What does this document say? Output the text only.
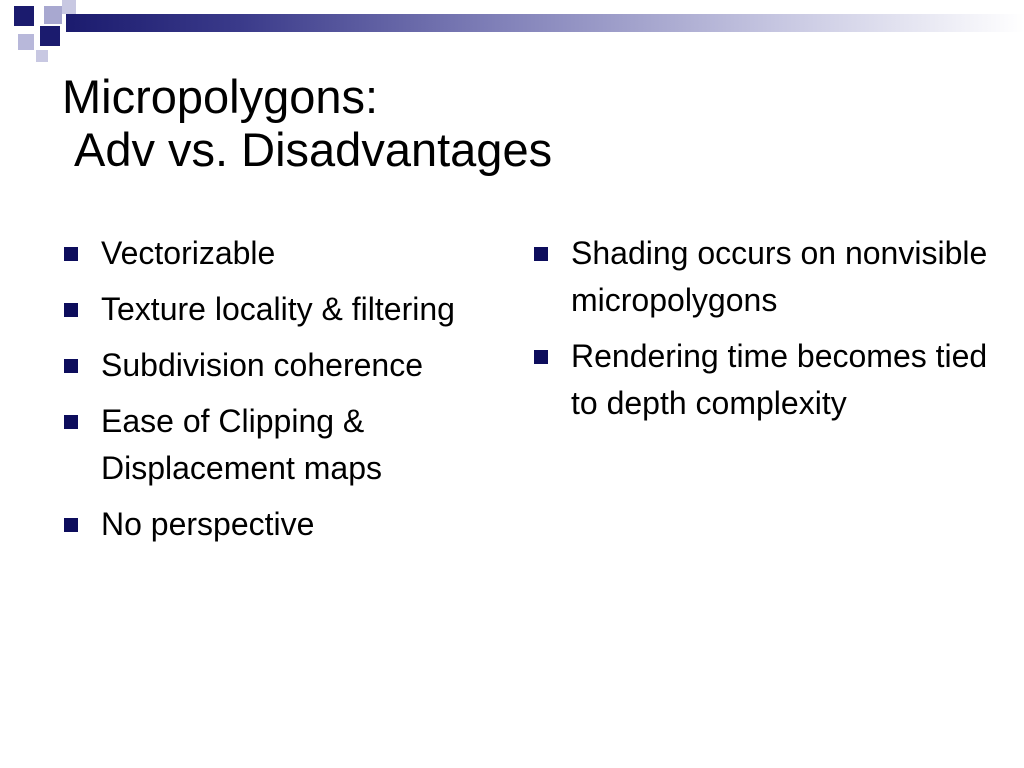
Micropolygons:
Adv vs. Disadvantages
Vectorizable
Texture locality & filtering
Subdivision coherence
Ease of Clipping & Displacement maps
No perspective
Shading occurs on nonvisible micropolygons
Rendering time becomes tied to depth complexity
